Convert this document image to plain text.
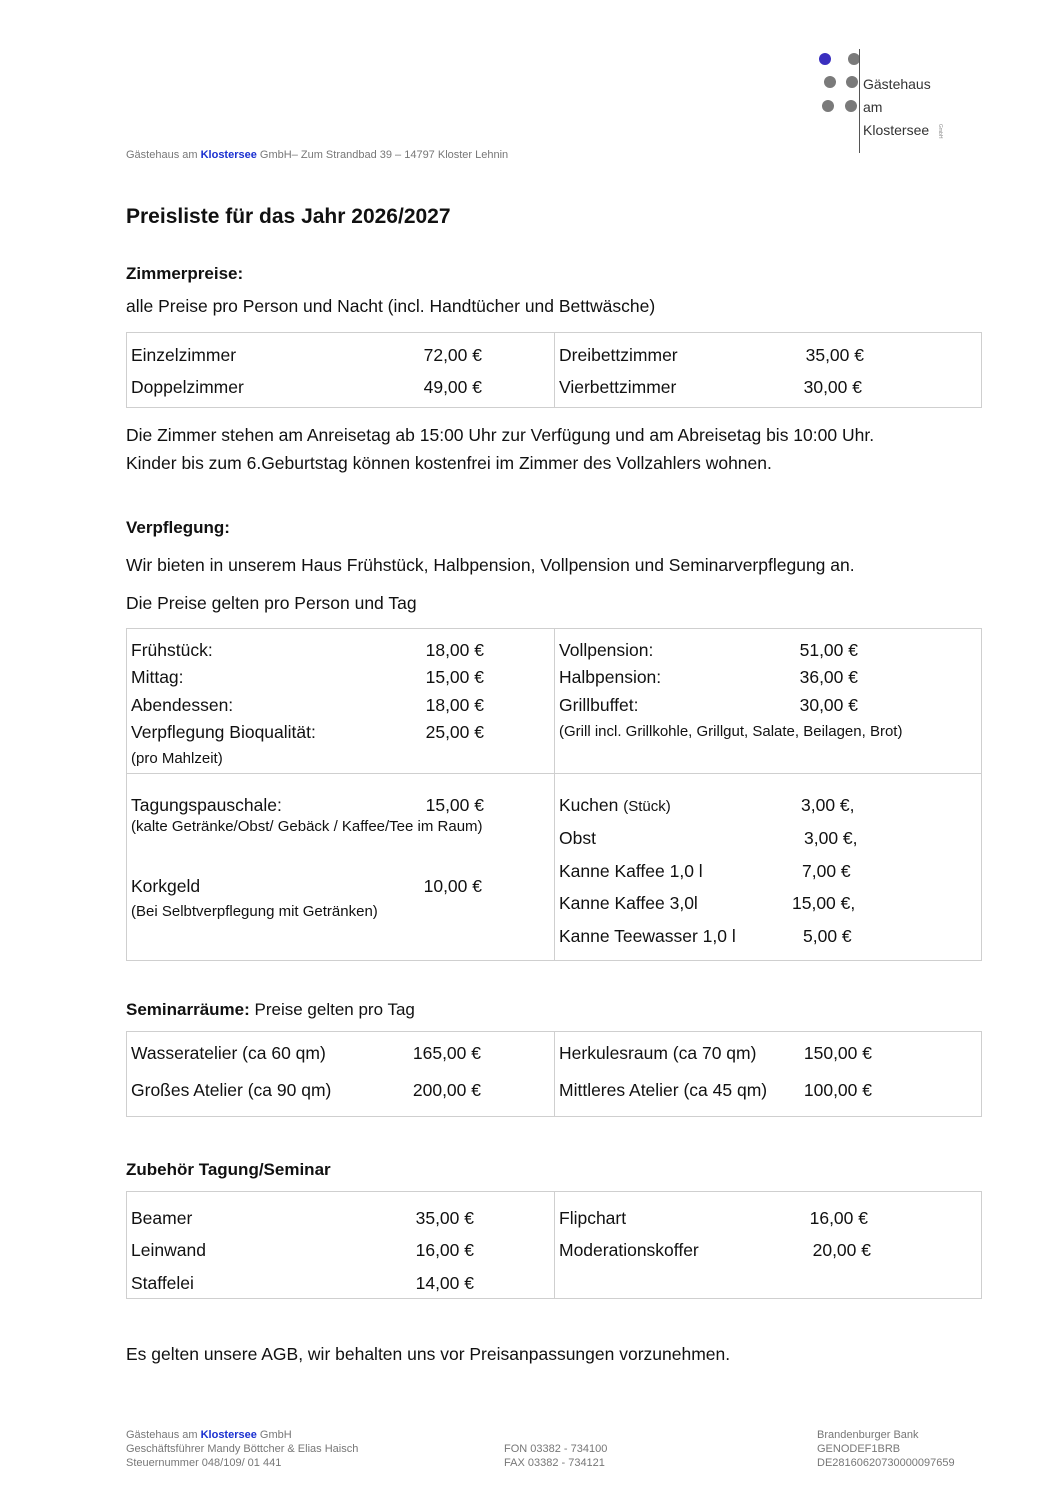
Gästehaus
am
Klostersee GmbH
Gästehaus am Klostersee GmbH– Zum Strandbad 39 – 14797 Kloster Lehnin
Preisliste für das Jahr 2026/2027
Zimmerpreise:
alle Preise pro Person und Nacht (incl. Handtücher und Bettwäsche)
Einzelzimmer	72,00 €
Doppelzimmer	49,00 €
Dreibettzimmer	35,00 €
Vierbettzimmer	30,00 €
Die Zimmer stehen am Anreisetag ab 15:00 Uhr zur Verfügung und am Abreisetag bis 10:00 Uhr.
Kinder bis zum 6.Geburtstag können kostenfrei im Zimmer des Vollzahlers wohnen.
Verpflegung:
Wir bieten in unserem Haus Frühstück, Halbpension, Vollpension und Seminarverpflegung an.
Die Preise gelten pro Person und Tag
Frühstück:	18,00 €
Mittag:	15,00 €
Abendessen:	18,00 €
Verpflegung Bioqualität:	25,00 €
(pro Mahlzeit)
Vollpension:	51,00 €
Halbpension:	36,00 €
Grillbuffet:	30,00 €
(Grill incl. Grillkohle, Grillgut, Salate, Beilagen, Brot)
Tagungspauschale:	15,00 €
(kalte Getränke/Obst/ Gebäck / Kaffee/Tee im Raum)
Korkgeld	10,00 €
(Bei Selbtverpflegung mit Getränken)
Kuchen (Stück)	3,00 €,
Obst	3,00 €,
Kanne Kaffee 1,0 l	7,00 €
Kanne Kaffee 3,0l	15,00 €,
Kanne Teewasser 1,0 l	5,00 €
Seminarräume: Preise gelten pro Tag
Wasseratelier (ca 60 qm)	165,00 €
Großes Atelier (ca 90 qm)	200,00 €
Herkulesraum (ca 70 qm)	150,00 €
Mittleres Atelier (ca 45 qm)	100,00 €
Zubehör Tagung/Seminar
Beamer	35,00 €
Leinwand	16,00 €
Staffelei	14,00 €
Flipchart	16,00 €
Moderationskoffer	20,00 €
Es gelten unsere AGB, wir behalten uns vor Preisanpassungen vorzunehmen.
Gästehaus am Klostersee GmbH
Geschäftsführer Mandy Böttcher & Elias Haisch
Steuernummer 048/109/ 01 441
FON 03382 - 734100
FAX 03382 - 734121
Brandenburger Bank
GENODEF1BRB
DE28160620730000097659
